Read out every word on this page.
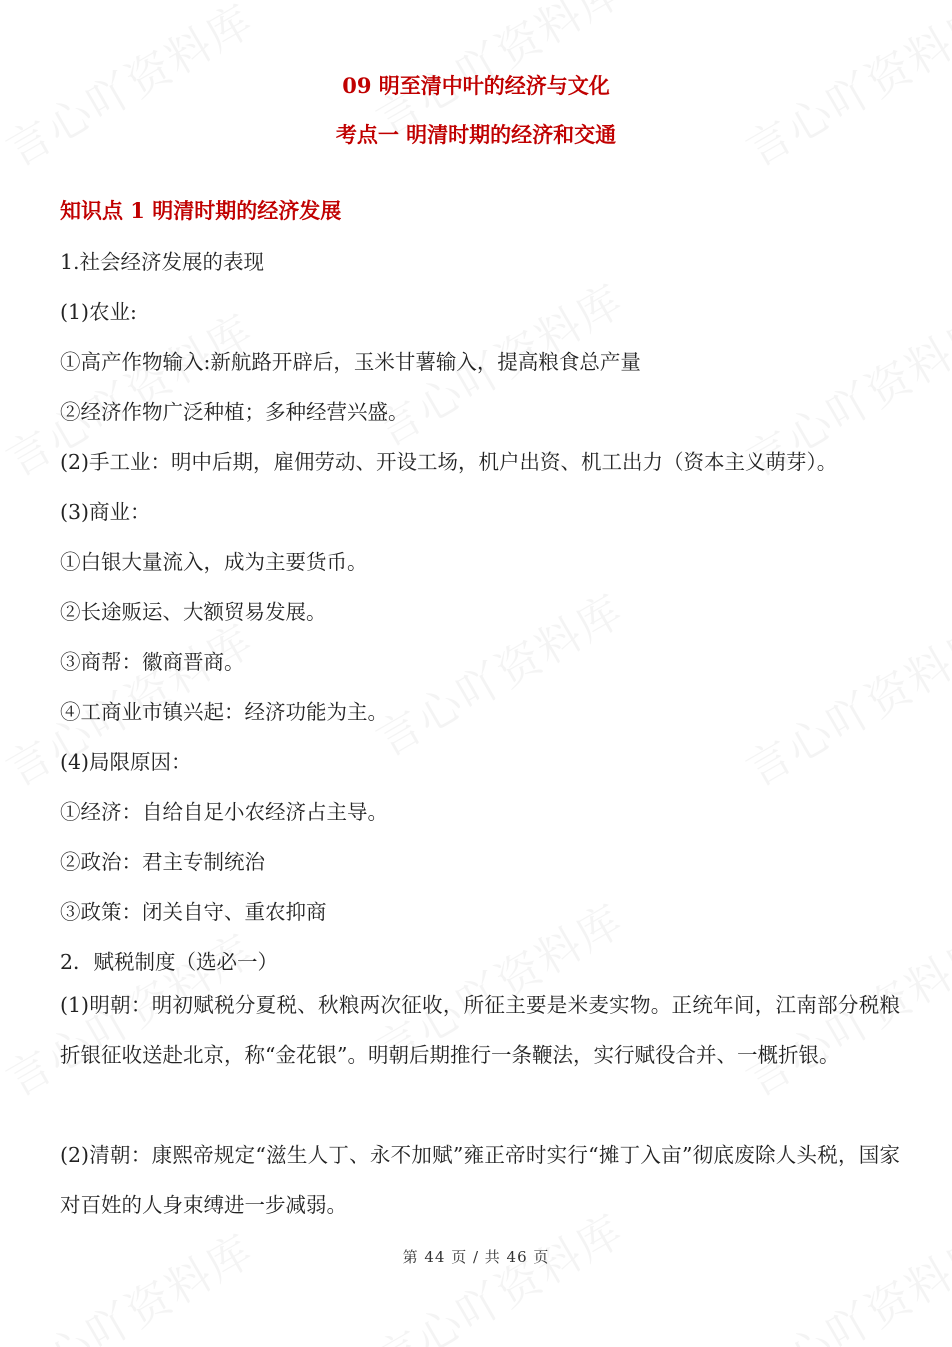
09 明至清中叶的经济与文化
考点一 明清时期的经济和交通
知识点 1 明清时期的经济发展
1.社会经济发展的表现
(1)农业:
①高产作物输入:新航路开辟后，玉米甘薯输入，提高粮食总产量
②经济作物广泛种植；多种经营兴盛。
(2)手工业：明中后期，雇佣劳动、开设工场，机户出资、机工出力（资本主义萌芽）。
(3)商业：
①白银大量流入，成为主要货币。
②长途贩运、大额贸易发展。
③商帮：徽商晋商。
④工商业市镇兴起：经济功能为主。
(4)局限原因：
①经济：自给自足小农经济占主导。
②政治：君主专制统治
③政策：闭关自守、重农抑商
2．赋税制度（选必一）
(1)明朝：明初赋税分夏税、秋粮两次征收，所征主要是米麦实物。正统年间，江南部分税粮折银征收送赴北京，称“金花银”。明朝后期推行一条鞭法，实行赋役合并、一概折银。
(2)清朝：康熙帝规定“滋生人丁、永不加赋”雍正帝时实行“摊丁入亩”彻底废除人头税，国家对百姓的人身束缚进一步减弱。
第 44 页 / 共 46 页
